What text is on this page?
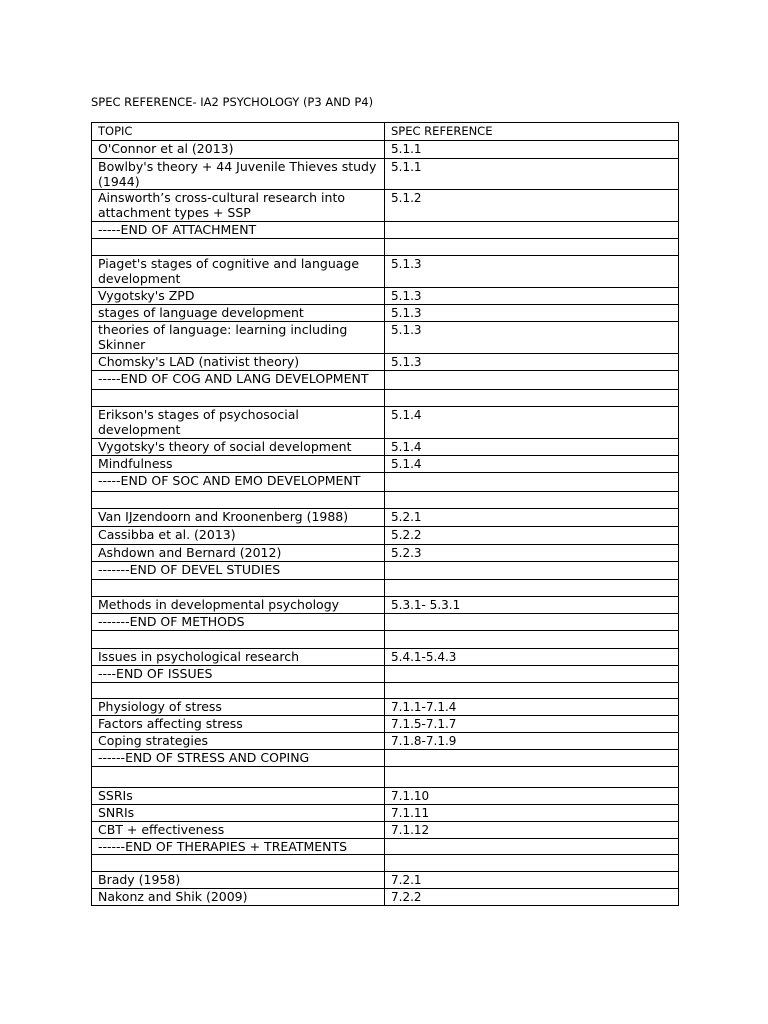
SPEC REFERENCE- IA2 PSYCHOLOGY (P3 AND P4)
TOPIC	SPEC REFERENCE
O'Connor et al (2013)	5.1.1
Bowlby's theory + 44 Juvenile Thieves study (1944)	5.1.1
Ainsworth’s cross-cultural research into attachment types + SSP	5.1.2
-----END OF ATTACHMENT	

Piaget's stages of cognitive and language development	5.1.3
Vygotsky's ZPD	5.1.3
stages of language development	5.1.3
theories of language: learning including Skinner	5.1.3
Chomsky's LAD (nativist theory)	5.1.3
-----END OF COG AND LANG DEVELOPMENT	

Erikson's stages of psychosocial development	5.1.4
Vygotsky's theory of social development	5.1.4
Mindfulness	5.1.4
-----END OF SOC AND EMO DEVELOPMENT	

Van IJzendoorn and Kroonenberg (1988)	5.2.1
Cassibba et al. (2013)	5.2.2
Ashdown and Bernard (2012)	5.2.3
-------END OF DEVEL STUDIES	

Methods in developmental psychology	5.3.1- 5.3.1
-------END OF METHODS	

Issues in psychological research	5.4.1-5.4.3
----END OF ISSUES	

Physiology of stress	7.1.1-7.1.4
Factors affecting stress	7.1.5-7.1.7
Coping strategies	7.1.8-7.1.9
------END OF STRESS AND COPING	

SSRIs	7.1.10
SNRIs	7.1.11
CBT + effectiveness	7.1.12
------END OF THERAPIES + TREATMENTS	

Brady (1958)	7.2.1
Nakonz and Shik (2009)	7.2.2
